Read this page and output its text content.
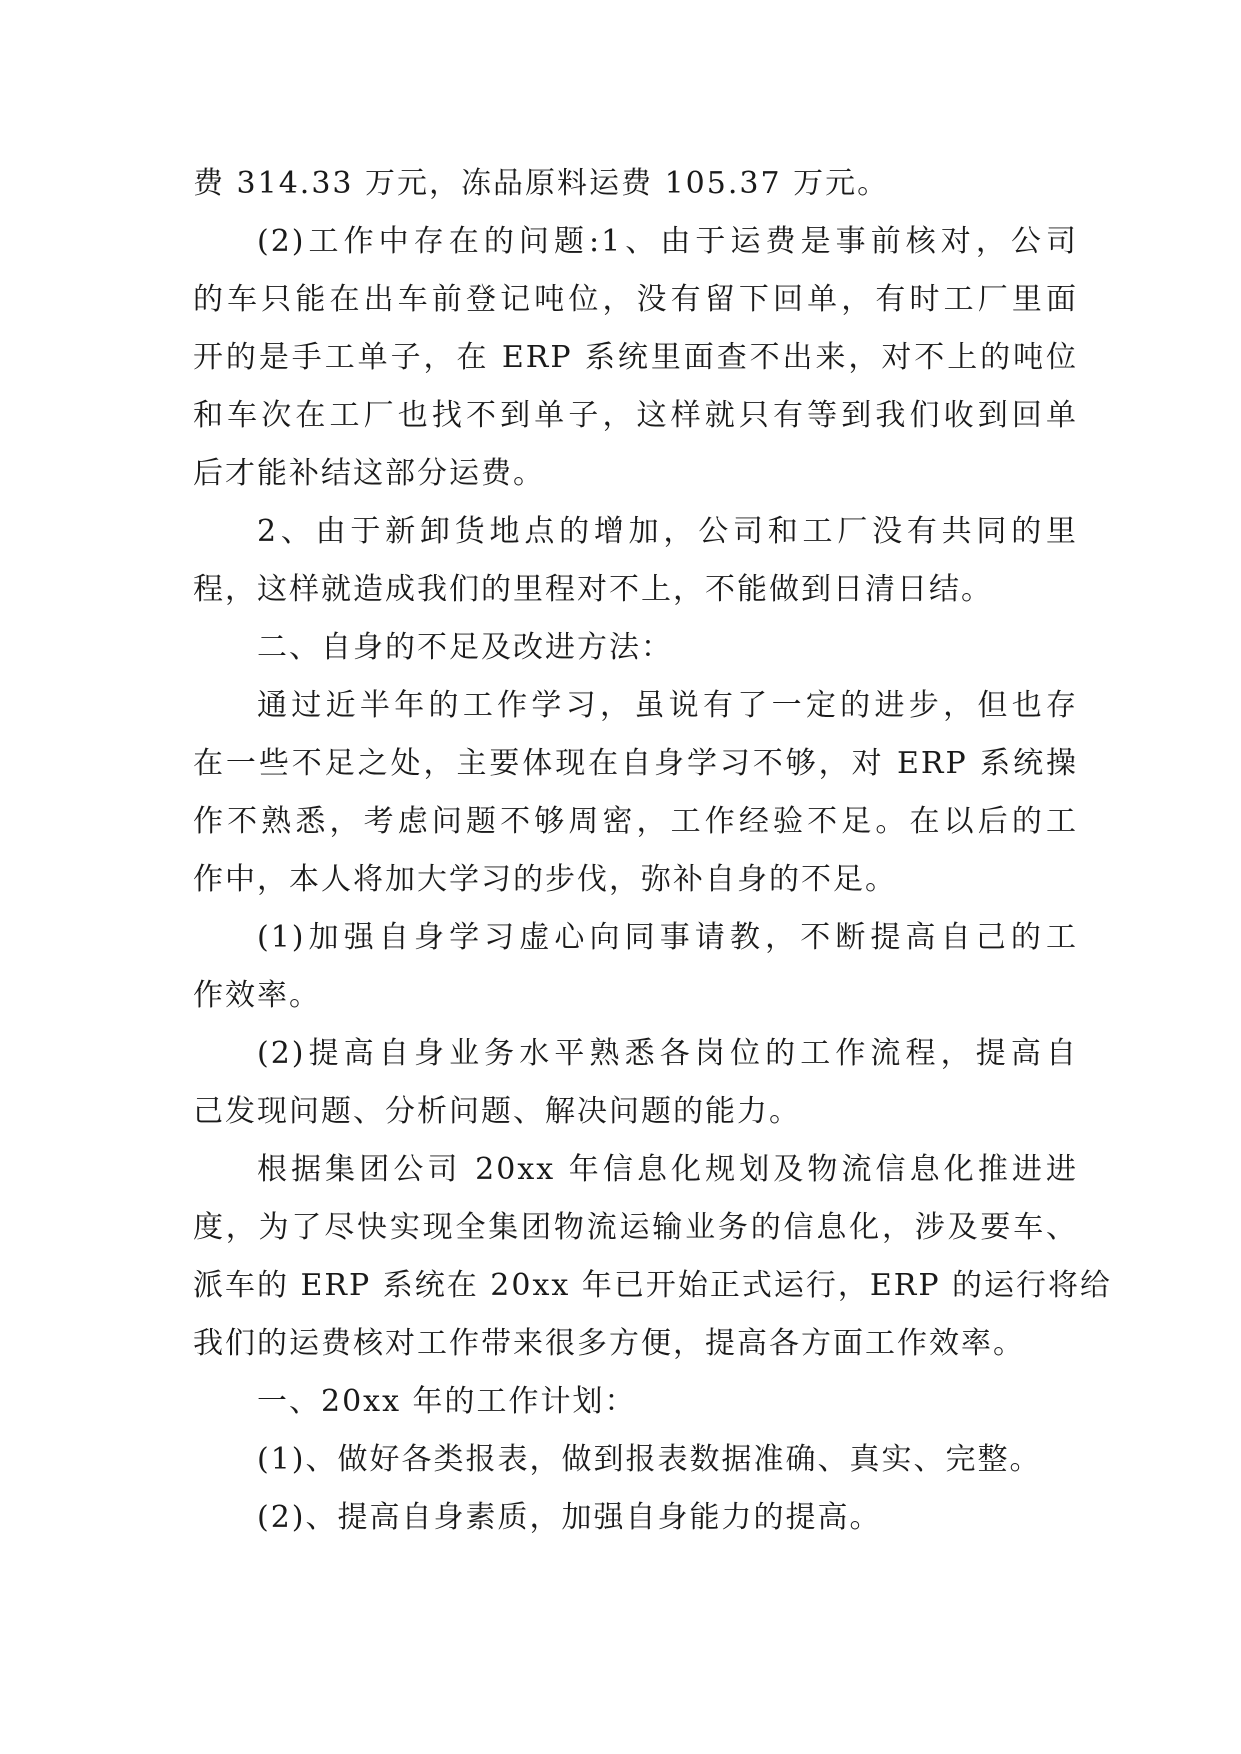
费 314.33 万元，冻品原料运费 105.37 万元。
(2)工作中存在的问题:1、由于运费是事前核对，公司
的车只能在出车前登记吨位，没有留下回单，有时工厂里面
开的是手工单子，在 ERP 系统里面查不出来，对不上的吨位
和车次在工厂也找不到单子，这样就只有等到我们收到回单
后才能补结这部分运费。
2、由于新卸货地点的增加，公司和工厂没有共同的里
程，这样就造成我们的里程对不上，不能做到日清日结。
二、自身的不足及改进方法：
通过近半年的工作学习，虽说有了一定的进步，但也存
在一些不足之处，主要体现在自身学习不够，对 ERP 系统操
作不熟悉，考虑问题不够周密，工作经验不足。在以后的工
作中，本人将加大学习的步伐，弥补自身的不足。
(1)加强自身学习虚心向同事请教，不断提高自己的工
作效率。
(2)提高自身业务水平熟悉各岗位的工作流程，提高自
己发现问题、分析问题、解决问题的能力。
根据集团公司 20xx 年信息化规划及物流信息化推进进
度，为了尽快实现全集团物流运输业务的信息化，涉及要车、
派车的 ERP 系统在 20xx 年已开始正式运行，ERP 的运行将给
我们的运费核对工作带来很多方便，提高各方面工作效率。
一、20xx 年的工作计划：
(1)、做好各类报表，做到报表数据准确、真实、完整。
(2)、提高自身素质，加强自身能力的提高。
